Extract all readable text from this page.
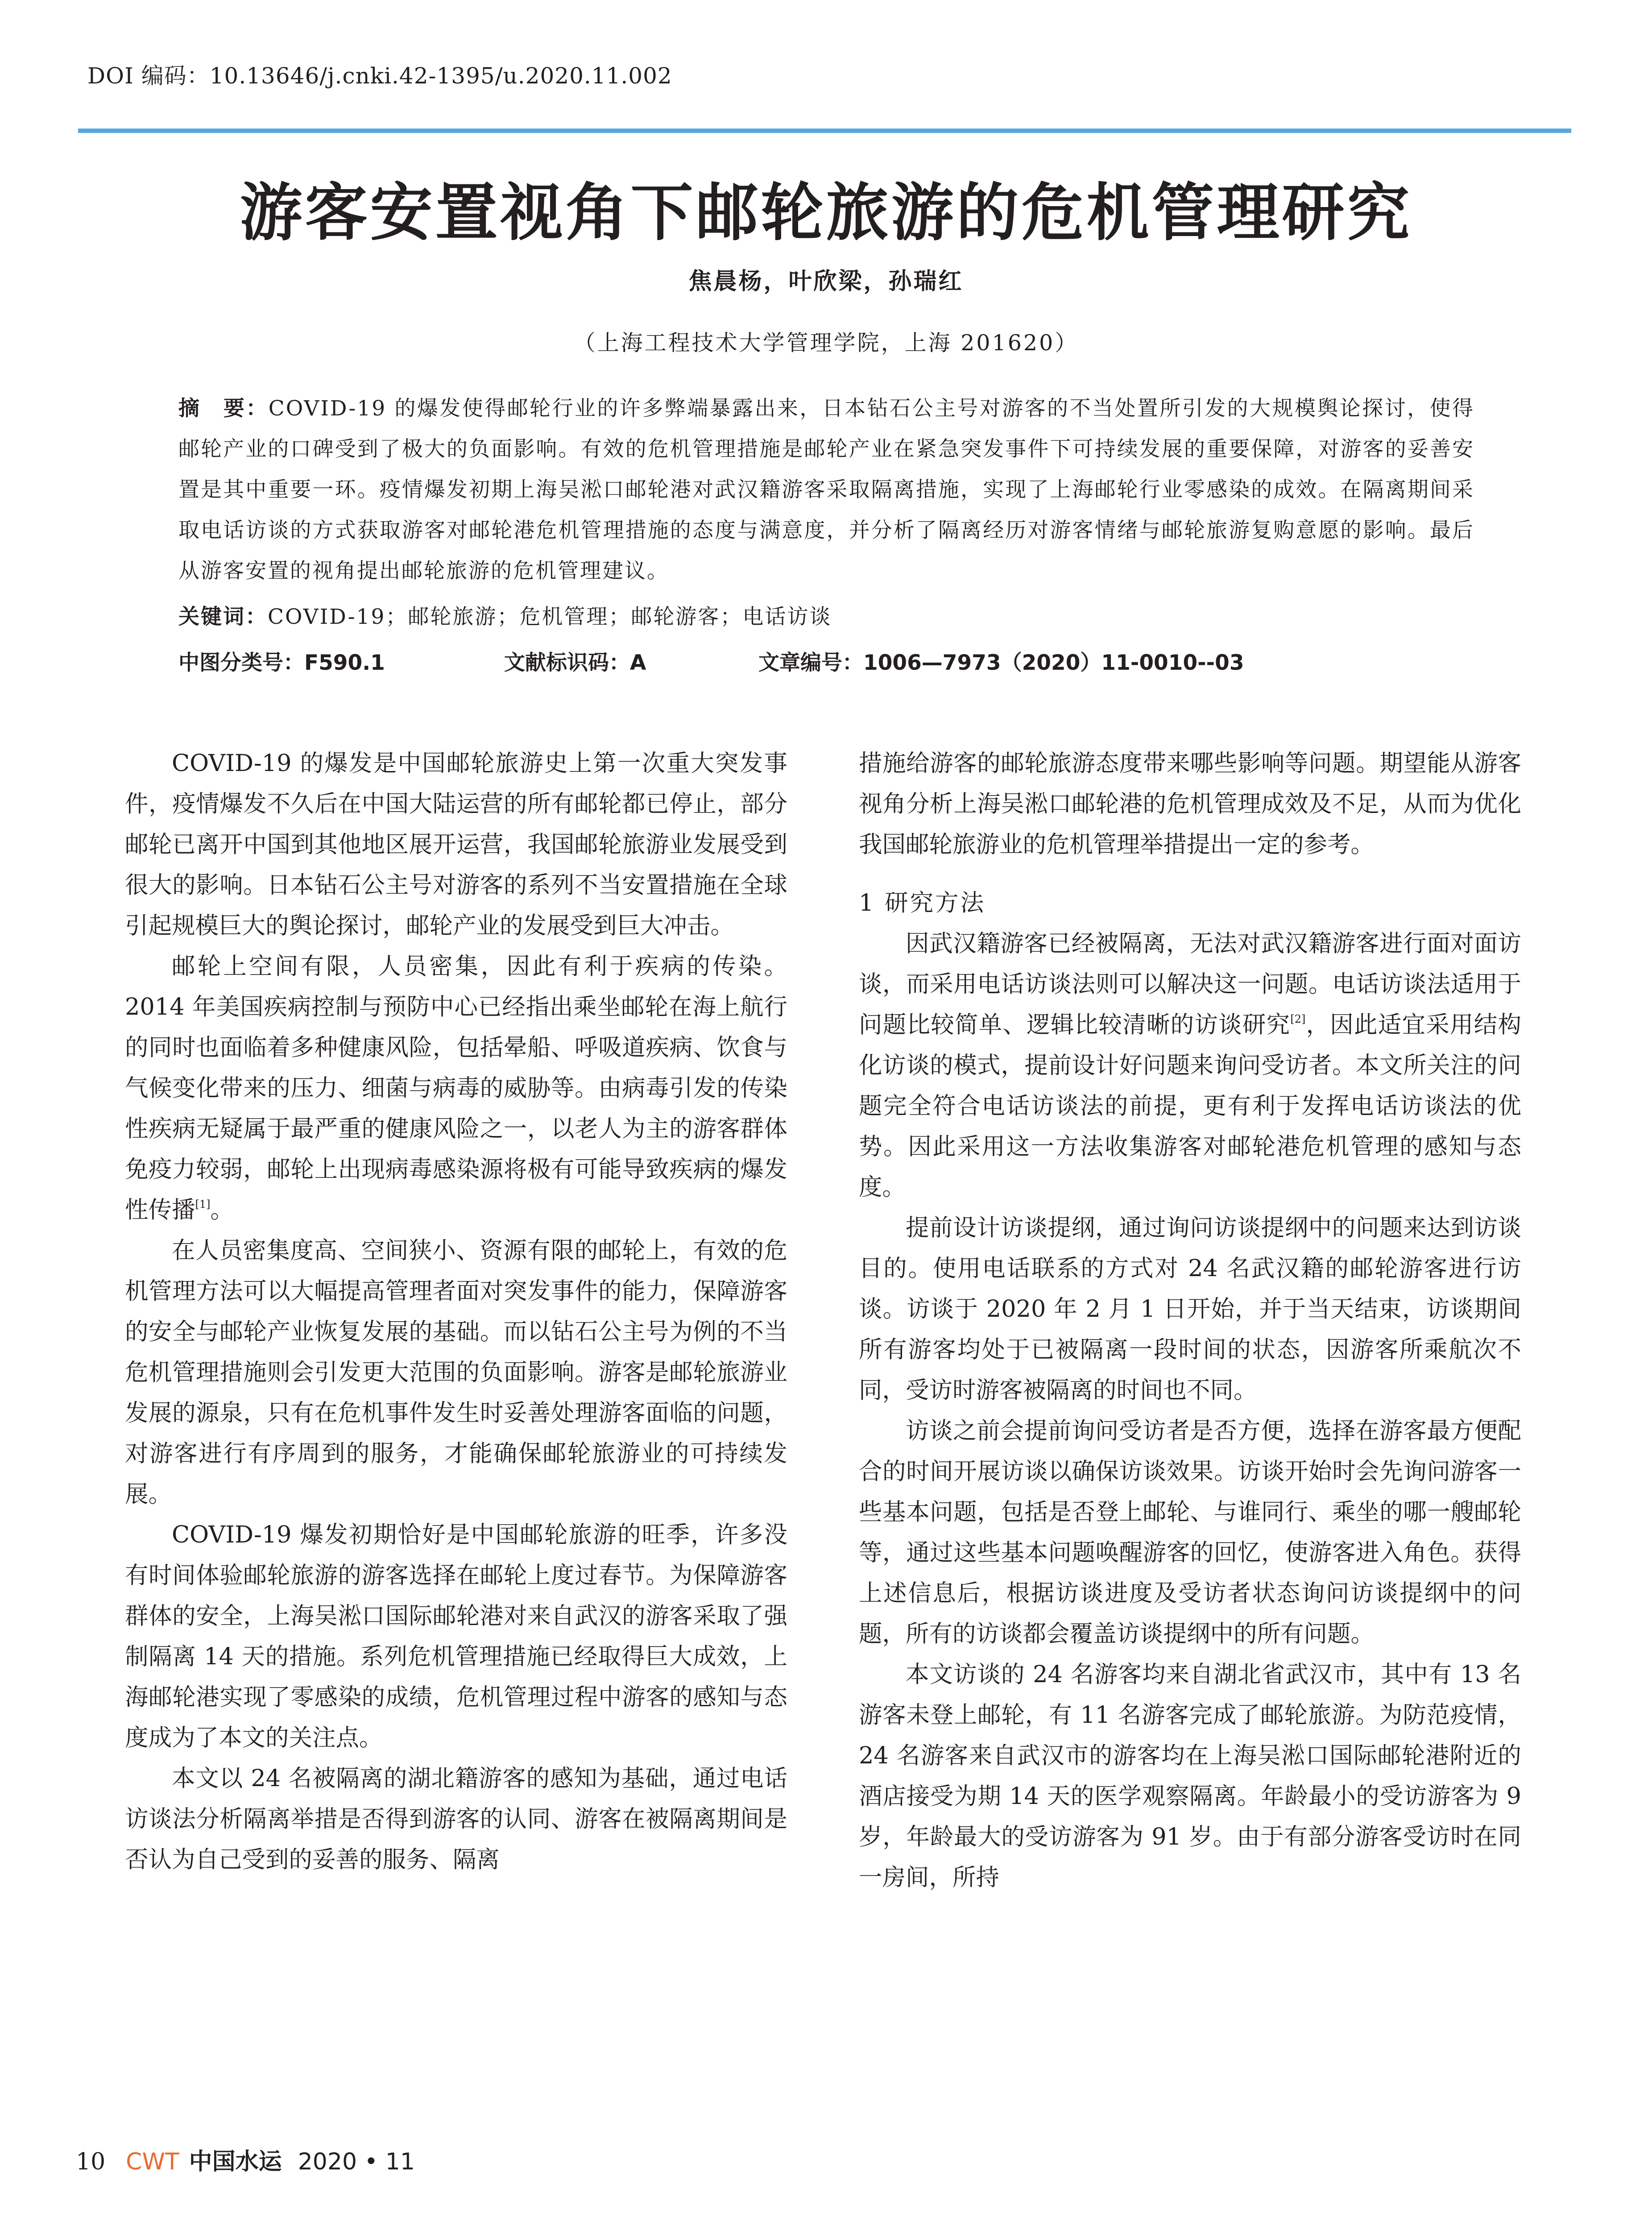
DOI 编码：10.13646/j.cnki.42-1395/u.2020.11.002
游客安置视角下邮轮旅游的危机管理研究
焦晨杨，叶欣梁，孙瑞红
（上海工程技术大学管理学院，上海 201620）
摘　要：COVID-19 的爆发使得邮轮行业的许多弊端暴露出来，日本钻石公主号对游客的不当处置所引发的大规模舆论探讨，使得邮轮产业的口碑受到了极大的负面影响。有效的危机管理措施是邮轮产业在紧急突发事件下可持续发展的重要保障，对游客的妥善安置是其中重要一环。疫情爆发初期上海吴淞口邮轮港对武汉籍游客采取隔离措施，实现了上海邮轮行业零感染的成效。在隔离期间采取电话访谈的方式获取游客对邮轮港危机管理措施的态度与满意度，并分析了隔离经历对游客情绪与邮轮旅游复购意愿的影响。最后从游客安置的视角提出邮轮旅游的危机管理建议。
关键词：COVID-19；邮轮旅游；危机管理；邮轮游客；电话访谈
中图分类号：F590.1	文献标识码：A	文章编号：1006—7973（2020）11-0010--03

COVID-19 的爆发是中国邮轮旅游史上第一次重大突发事件，疫情爆发不久后在中国大陆运营的所有邮轮都已停止，部分邮轮已离开中国到其他地区展开运营，我国邮轮旅游业发展受到很大的影响。日本钻石公主号对游客的系列不当安置措施在全球引起规模巨大的舆论探讨，邮轮产业的发展受到巨大冲击。

邮轮上空间有限，人员密集，因此有利于疾病的传染。2014 年美国疾病控制与预防中心已经指出乘坐邮轮在海上航行的同时也面临着多种健康风险，包括晕船、呼吸道疾病、饮食与气候变化带来的压力、细菌与病毒的威胁等。由病毒引发的传染性疾病无疑属于最严重的健康风险之一，以老人为主的游客群体免疫力较弱，邮轮上出现病毒感染源将极有可能导致疾病的爆发性传播[1]。

在人员密集度高、空间狭小、资源有限的邮轮上，有效的危机管理方法可以大幅提高管理者面对突发事件的能力，保障游客的安全与邮轮产业恢复发展的基础。而以钻石公主号为例的不当危机管理措施则会引发更大范围的负面影响。游客是邮轮旅游业发展的源泉，只有在危机事件发生时妥善处理游客面临的问题，对游客进行有序周到的服务，才能确保邮轮旅游业的可持续发展。

COVID-19 爆发初期恰好是中国邮轮旅游的旺季，许多没有时间体验邮轮旅游的游客选择在邮轮上度过春节。为保障游客群体的安全，上海吴淞口国际邮轮港对来自武汉的游客采取了强制隔离 14 天的措施。系列危机管理措施已经取得巨大成效，上海邮轮港实现了零感染的成绩，危机管理过程中游客的感知与态度成为了本文的关注点。

本文以 24 名被隔离的湖北籍游客的感知为基础，通过电话访谈法分析隔离举措是否得到游客的认同、游客在被隔离期间是否认为自己受到的妥善的服务、隔离

措施给游客的邮轮旅游态度带来哪些影响等问题。期望能从游客视角分析上海吴淞口邮轮港的危机管理成效及不足，从而为优化我国邮轮旅游业的危机管理举措提出一定的参考。

1 研究方法

因武汉籍游客已经被隔离，无法对武汉籍游客进行面对面访谈，而采用电话访谈法则可以解决这一问题。电话访谈法适用于问题比较简单、逻辑比较清晰的访谈研究[2]，因此适宜采用结构化访谈的模式，提前设计好问题来询问受访者。本文所关注的问题完全符合电话访谈法的前提，更有利于发挥电话访谈法的优势。因此采用这一方法收集游客对邮轮港危机管理的感知与态度。

提前设计访谈提纲，通过询问访谈提纲中的问题来达到访谈目的。使用电话联系的方式对 24 名武汉籍的邮轮游客进行访谈。访谈于 2020 年 2 月 1 日开始，并于当天结束，访谈期间所有游客均处于已被隔离一段时间的状态，因游客所乘航次不同，受访时游客被隔离的时间也不同。

访谈之前会提前询问受访者是否方便，选择在游客最方便配合的时间开展访谈以确保访谈效果。访谈开始时会先询问游客一些基本问题，包括是否登上邮轮、与谁同行、乘坐的哪一艘邮轮等，通过这些基本问题唤醒游客的回忆，使游客进入角色。获得上述信息后，根据访谈进度及受访者状态询问访谈提纲中的问题，所有的访谈都会覆盖访谈提纲中的所有问题。

本文访谈的 24 名游客均来自湖北省武汉市，其中有 13 名游客未登上邮轮，有 11 名游客完成了邮轮旅游。为防范疫情，24 名游客来自武汉市的游客均在上海吴淞口国际邮轮港附近的酒店接受为期 14 天的医学观察隔离。年龄最小的受访游客为 9 岁，年龄最大的受访游客为 91 岁。由于有部分游客受访时在同一房间，所持

10 CWT 中国水运 2020 • 11
